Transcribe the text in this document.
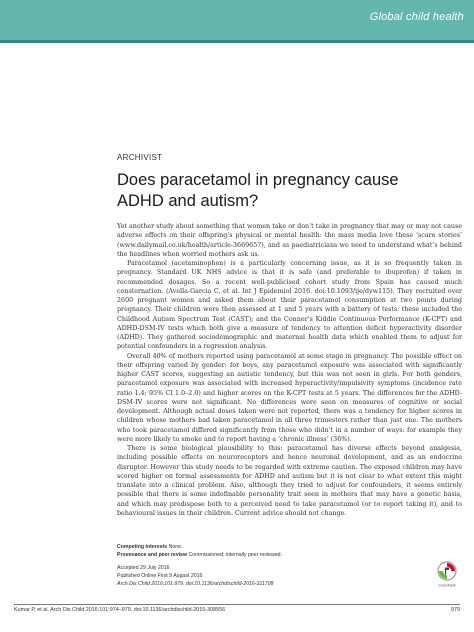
Global child health
ARCHIVIST
Does paracetamol in pregnancy cause ADHD and autism?

Yet another study about something that women take or don’t take in pregnancy that may or may not cause adverse effects on their offspring’s physical or mental health: the mass media love these ‘scare stories’ (www.dailymail.co.uk/health/article-3669657), and as paediatricians we need to understand what’s behind the headlines when worried mothers ask us.

Paracetamol (acetaminophen) is a particularly concerning issue, as it is so frequently taken in pregnancy. Standard UK NHS advice is that it is safe (and preferable to ibuprofen) if taken in recommended dosages. So a recent well-publicised cohort study from Spain has caused much consternation. (Avella-Garcia C, et al. Int J Epidemiol 2016. doi:10.1093/ije/dyw115). They recruited over 2600 pregnant women and asked them about their paracetamol consumption at two points during pregnancy. Their children were then assessed at 1 and 5 years with a battery of tests: these included the Childhood Autism Spectrum Test (CAST); and the Conner’s Kiddie Continuous Performance (K-CPT) and ADHD-DSM-IV tests which both give a measure of tendency to attention deficit hyperactivity disorder (ADHD). They gathered sociodemographic and maternal health data which enabled them to adjust for potential confounders in a regression analysis.

Overall 40% of mothers reported using paracetamol at some stage in pregnancy. The possible effect on their offspring varied by gender: for boys, any paracetamol exposure was associated with significantly higher CAST scores, suggesting an autistic tendency, but this was not seen in girls. For both genders, paracetamol exposure was associated with increased hyperactivity/impulsivity symptoms (incidence rate ratio 1.4; 95% CI 1.0–2.0) and higher scores on the K-CPT tests at 5 years. The differences for the ADHD-DSM-IV scores were not significant. No differences were seen on measures of cognitive or social development. Although actual doses taken were not reported, there was a tendency for higher scores in children whose mothers had taken paracetamol in all three trimesters rather than just one. The mothers who took paracetamol differed significantly from those who didn’t in a number of ways: for example they were more likely to smoke and to report having a ‘chronic illness’ (36%).

There is some biological plausibility to this: paracetamol has diverse effects beyond analgesia, including possible effects on neuroreceptors and hence neuronal development, and as an endocrine disruptor. However this study needs to be regarded with extreme caution. The exposed children may have scored higher on formal assessments for ADHD and autism but it is not clear to what extent this might translate into a clinical problem. Also, although they tried to adjust for confounders, it seems entirely possible that there is some indefinable personality trait seen in mothers that may have a genetic basis, and which may predispose both to a perceived need to take paracetamol (or to report taking it), and to behavioural issues in their children. Current advice should not change.

Competing interests None.
Provenance and peer review Commissioned; internally peer reviewed.
Accepted 29 July 2016
Published Online First 9 August 2016
Arch Dis Child 2016;101:979. doi:10.1136/archdischild-2016-311708	CrossMark
Kumar P, et al. Arch Dis Child 2016;101:974–979. doi:10.1136/archdischild-2015-308556	979
